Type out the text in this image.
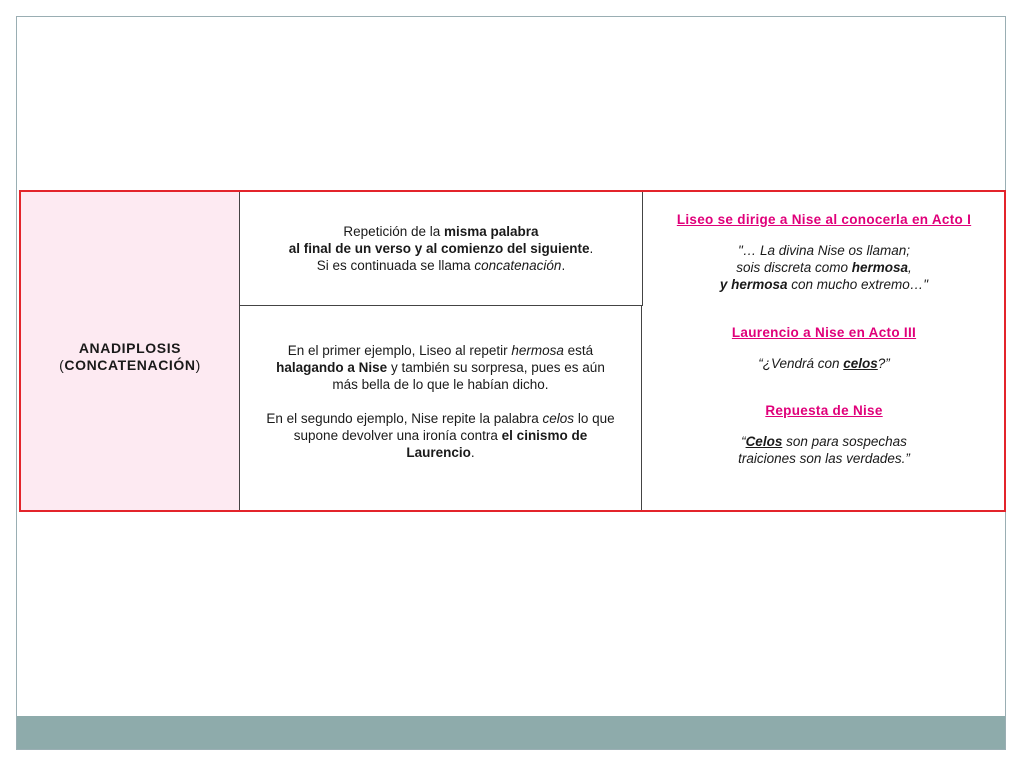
ANADIPLOSIS

(CONCATENACIÓN)

Repetición de la misma palabra

al final de un verso y al comienzo del siguiente.

Si es continuada se llama concatenación.

En el primer ejemplo, Liseo al repetir hermosa está

halagando a Nise y también su sorpresa, pues es aún

más bella de lo que le habían dicho.

En el segundo ejemplo, Nise repite la palabra celos lo que

supone devolver una ironía contra el cinismo de

Laurencio.

Liseo se dirige a Nise al conocerla en Acto I

"… La divina Nise os llaman;

sois discreta como hermosa,

y hermosa con mucho extremo…"

Laurencio a Nise en Acto III

“¿Vendrá con celos?”

Repuesta de Nise

“Celos son para sospechas

traiciones son las verdades.”
